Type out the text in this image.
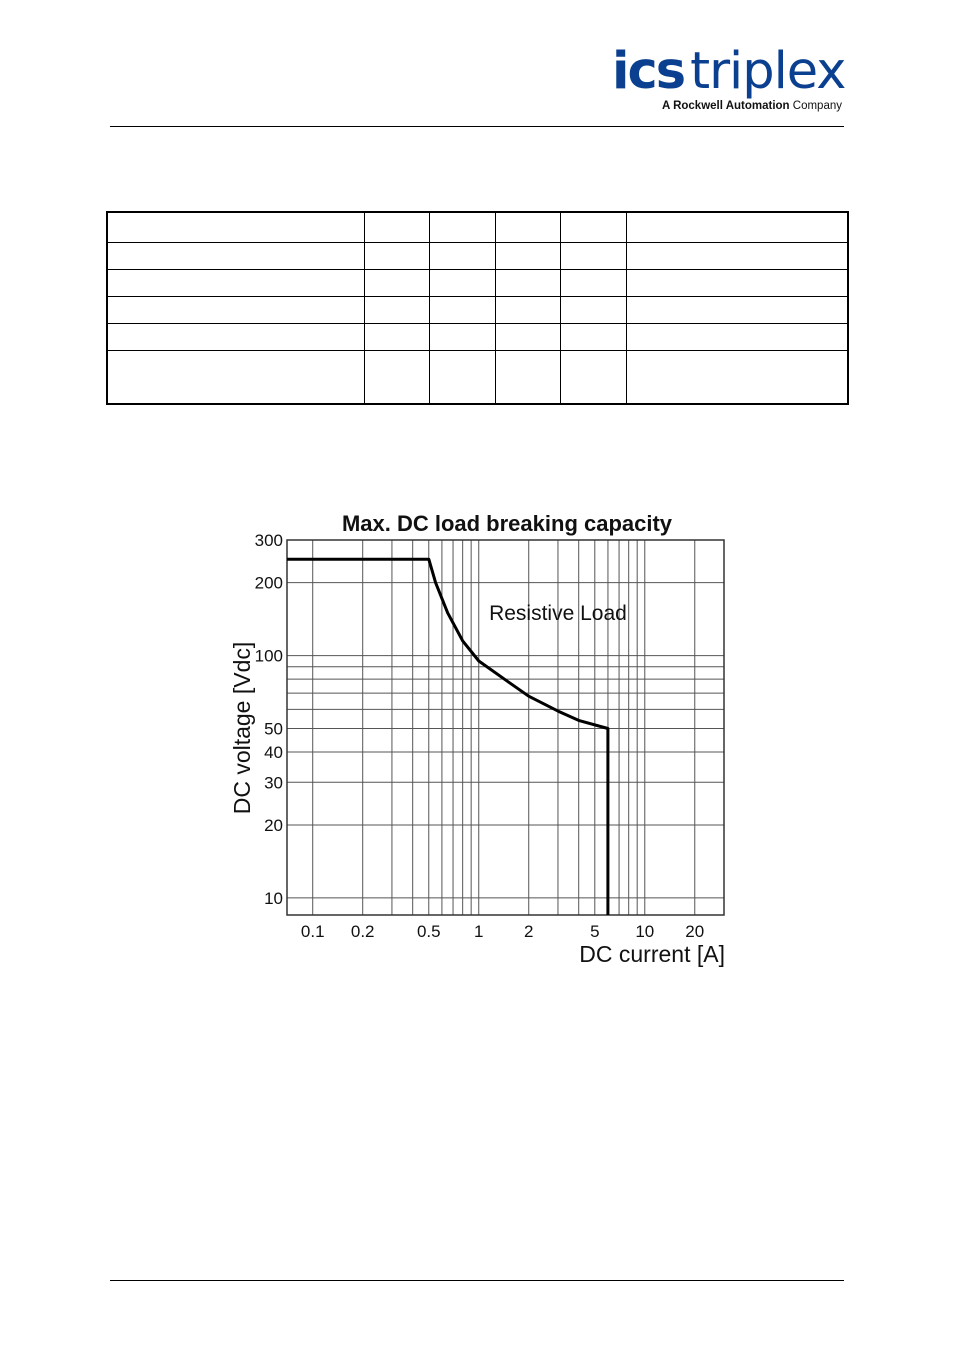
ics triplex
A Rockwell Automation Company

Max. DC load breaking capacity
0.1 0.2 0.5 1 2	5 10 20
10
20
30
40
50
100
200
300
Resistive Load
DC current [A]
DC voltage [Vdc]
